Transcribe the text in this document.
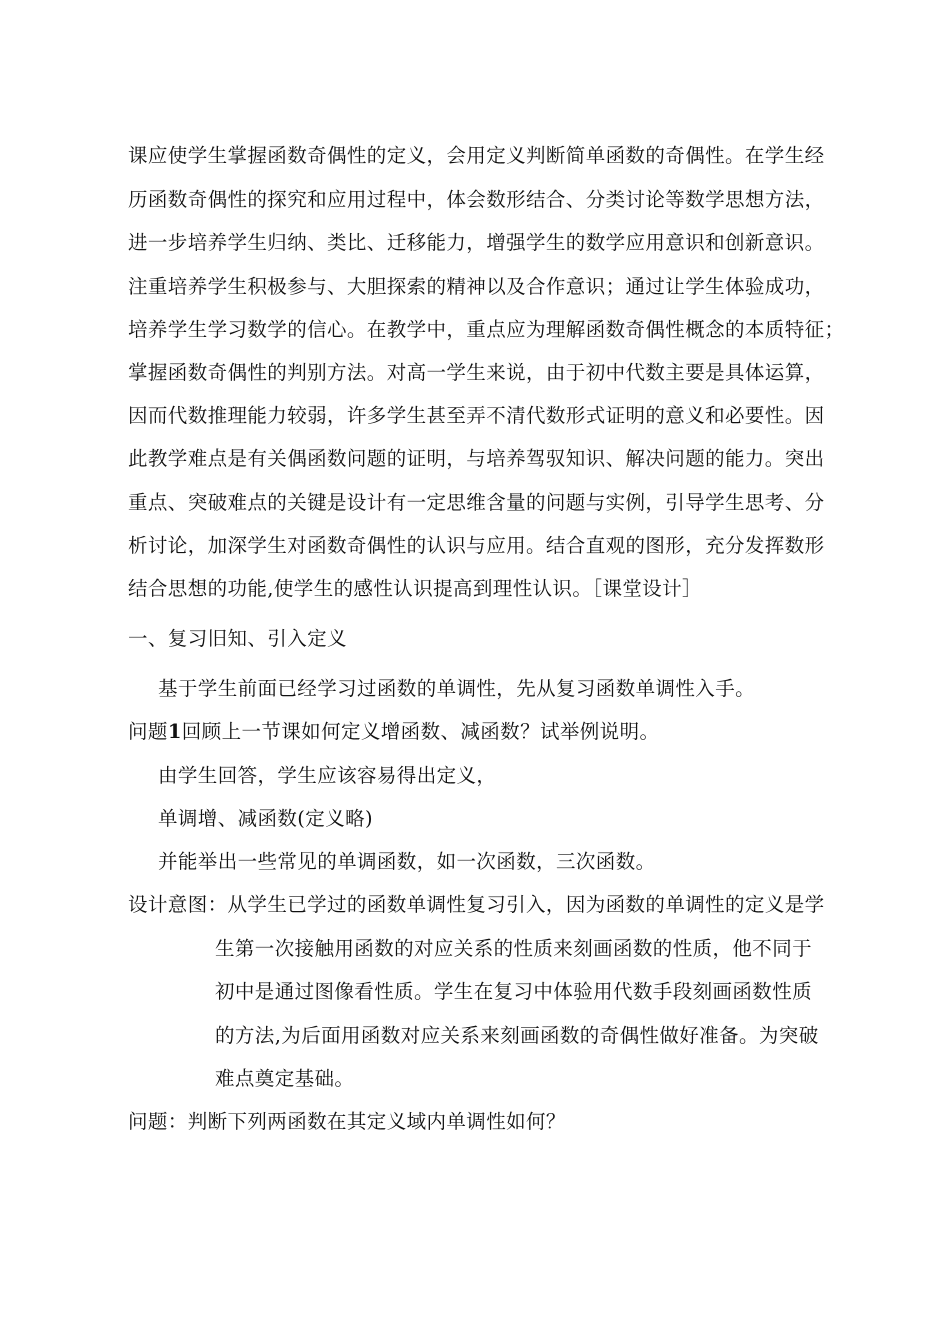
课应使学生掌握函数奇偶性的定义，会用定义判断简单函数的奇偶性。在学生经
历函数奇偶性的探究和应用过程中，体会数形结合、分类讨论等数学思想方法，
进一步培养学生归纳、类比、迁移能力，增强学生的数学应用意识和创新意识。
注重培养学生积极参与、大胆探索的精神以及合作意识；通过让学生体验成功，
培养学生学习数学的信心。在教学中，重点应为理解函数奇偶性概念的本质特征；
掌握函数奇偶性的判别方法。对高一学生来说，由于初中代数主要是具体运算，
因而代数推理能力较弱，许多学生甚至弄不清代数形式证明的意义和必要性。因
此教学难点是有关偶函数问题的证明，与培养驾驭知识、解决问题的能力。突出
重点、突破难点的关键是设计有一定思维含量的问题与实例，引导学生思考、分
析讨论，加深学生对函数奇偶性的认识与应用。结合直观的图形，充分发挥数形
结合思想的功能,使学生的感性认识提高到理性认识。［课堂设计］
一、复习旧知、引入定义
基于学生前面已经学习过函数的单调性，先从复习函数单调性入手。
问题1回顾上一节课如何定义增函数、减函数？试举例说明。
由学生回答，学生应该容易得出定义，
单调增、减函数(定义略)
并能举出一些常见的单调函数，如一次函数，三次函数。
设计意图：从学生已学过的函数单调性复习引入，因为函数的单调性的定义是学
生第一次接触用函数的对应关系的性质来刻画函数的性质，他不同于
初中是通过图像看性质。学生在复习中体验用代数手段刻画函数性质
的方法,为后面用函数对应关系来刻画函数的奇偶性做好准备。为突破
难点奠定基础。
问题：判断下列两函数在其定义域内单调性如何？
